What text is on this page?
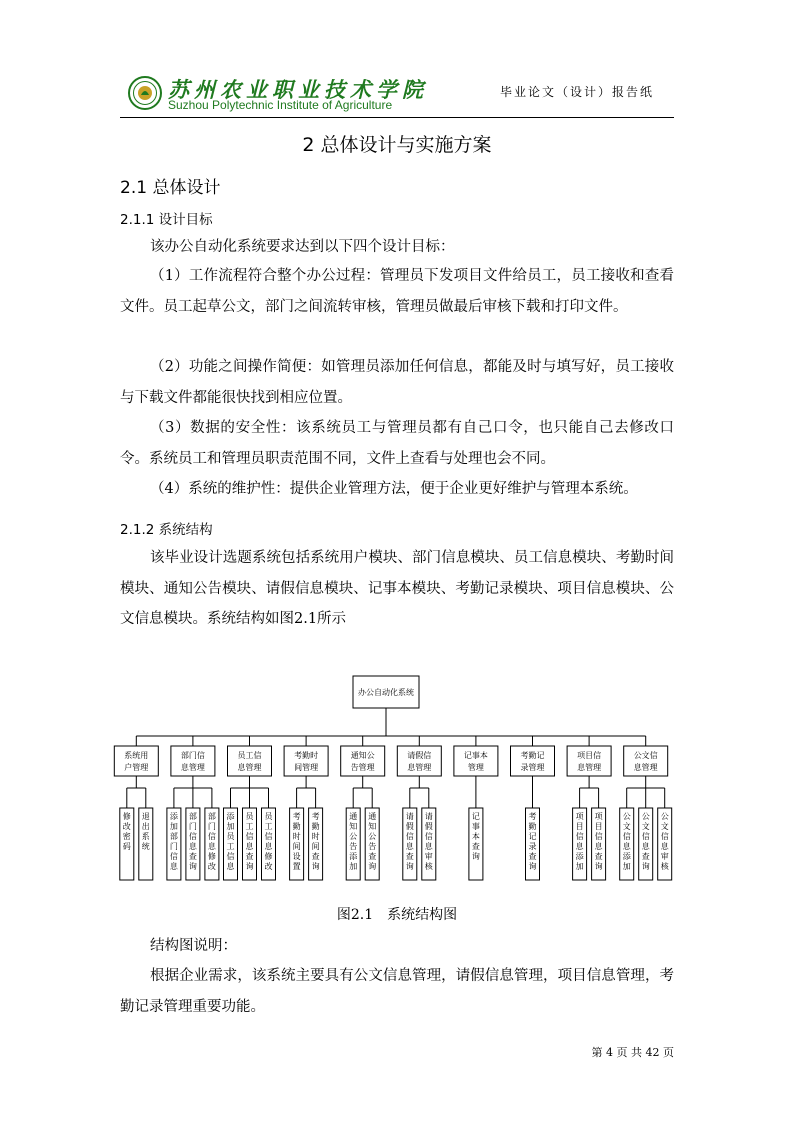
苏州农业职业技术学院
Suzhou Polytechnic Institute of Agriculture
毕业论文（设计）报告纸
2 总体设计与实施方案
2.1 总体设计
2.1.1 设计目标
该办公自动化系统要求达到以下四个设计目标：
（1）工作流程符合整个办公过程：管理员下发项目文件给员工，员工接收和查看文件。员工起草公文，部门之间流转审核，管理员做最后审核下载和打印文件。
（2）功能之间操作简便：如管理员添加任何信息，都能及时与填写好，员工接收与下载文件都能很快找到相应位置。
（3）数据的安全性：该系统员工与管理员都有自己口令，也只能自己去修改口令。系统员工和管理员职责范围不同，文件上查看与处理也会不同。
（4）系统的维护性：提供企业管理方法，便于企业更好维护与管理本系统。
2.1.2 系统结构
该毕业设计选题系统包括系统用户模块、部门信息模块、员工信息模块、考勤时间模块、通知公告模块、请假信息模块、记事本模块、考勤记录模块、项目信息模块、公文信息模块。系统结构如图2.1所示
办公自动化系统
系统用
户管理
修改密码
退出系统
部门信
息管理
添加部门信息
部门信息查询
部门信息修改
员工信
息管理
添加员工信息
员工信息查询
员工信息修改
考勤时
间管理
考勤时间设置
考勤时间查询
通知公
告管理
通知公告添加
通知公告查询
请假信
息管理
请假信息查询
请假信息审核
记事本
管理
记事本查询
考勤记
录管理
考勤记录查询
项目信
息管理
项目信息添加
项目信息查询
公文信
息管理
公文信息添加
公文信息查询
公文信息审核
图2.1　系统结构图
结构图说明：
根据企业需求，该系统主要具有公文信息管理，请假信息管理，项目信息管理，考勤记录管理重要功能。
第 4 页 共 42 页
